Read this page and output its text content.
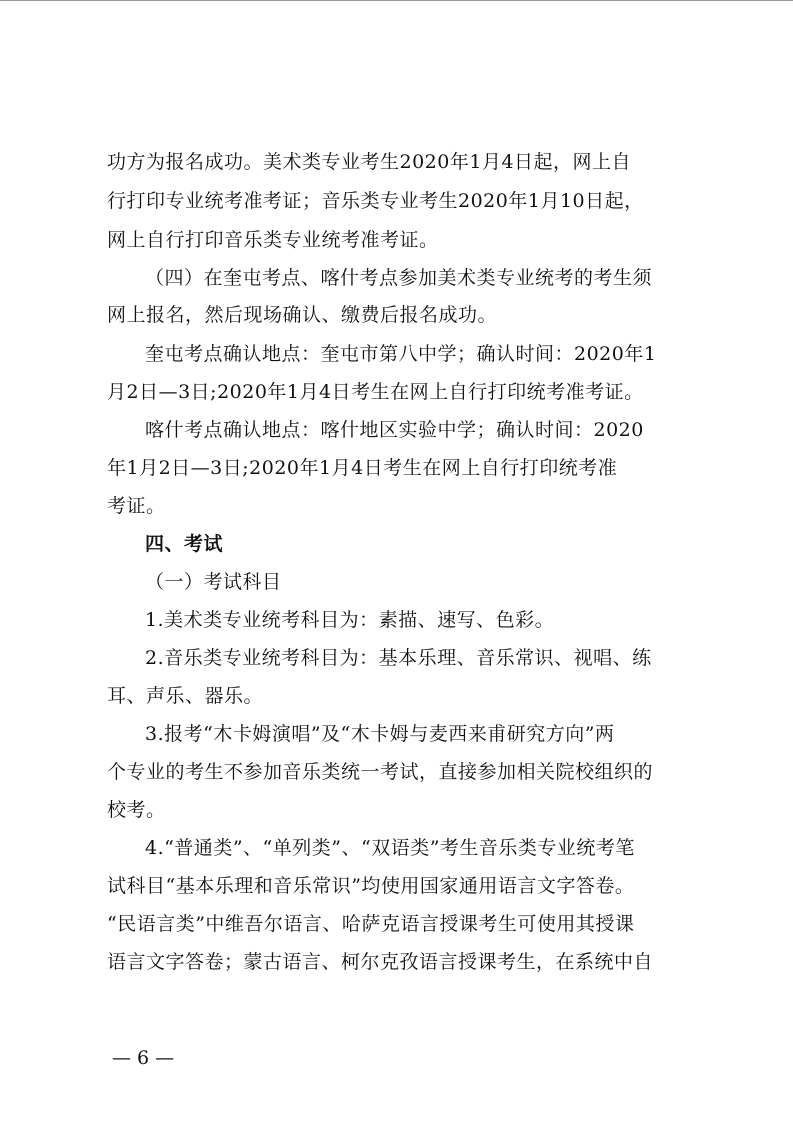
功方为报名成功。美术类专业考生2020年1月4日起，网上自
行打印专业统考准考证；音乐类专业考生2020年1月10日起，
网上自行打印音乐类专业统考准考证。
（四）在奎屯考点、喀什考点参加美术类专业统考的考生须
网上报名，然后现场确认、缴费后报名成功。
奎屯考点确认地点：奎屯市第八中学；确认时间：2020年1
月2日—3日;2020年1月4日考生在网上自行打印统考准考证。
喀什考点确认地点：喀什地区实验中学；确认时间：2020
年1月2日—3日;2020年1月4日考生在网上自行打印统考准
考证。
四、考试
（一）考试科目
1.美术类专业统考科目为：素描、速写、色彩。
2.音乐类专业统考科目为：基本乐理、音乐常识、视唱、练
耳、声乐、器乐。
3.报考“木卡姆演唱”及“木卡姆与麦西来甫研究方向”两
个专业的考生不参加音乐类统一考试，直接参加相关院校组织的
校考。
4.“普通类”、“单列类”、“双语类”考生音乐类专业统考笔
试科目“基本乐理和音乐常识”均使用国家通用语言文字答卷。
“民语言类”中维吾尔语言、哈萨克语言授课考生可使用其授课
语言文字答卷；蒙古语言、柯尔克孜语言授课考生，在系统中自
— 6 —
